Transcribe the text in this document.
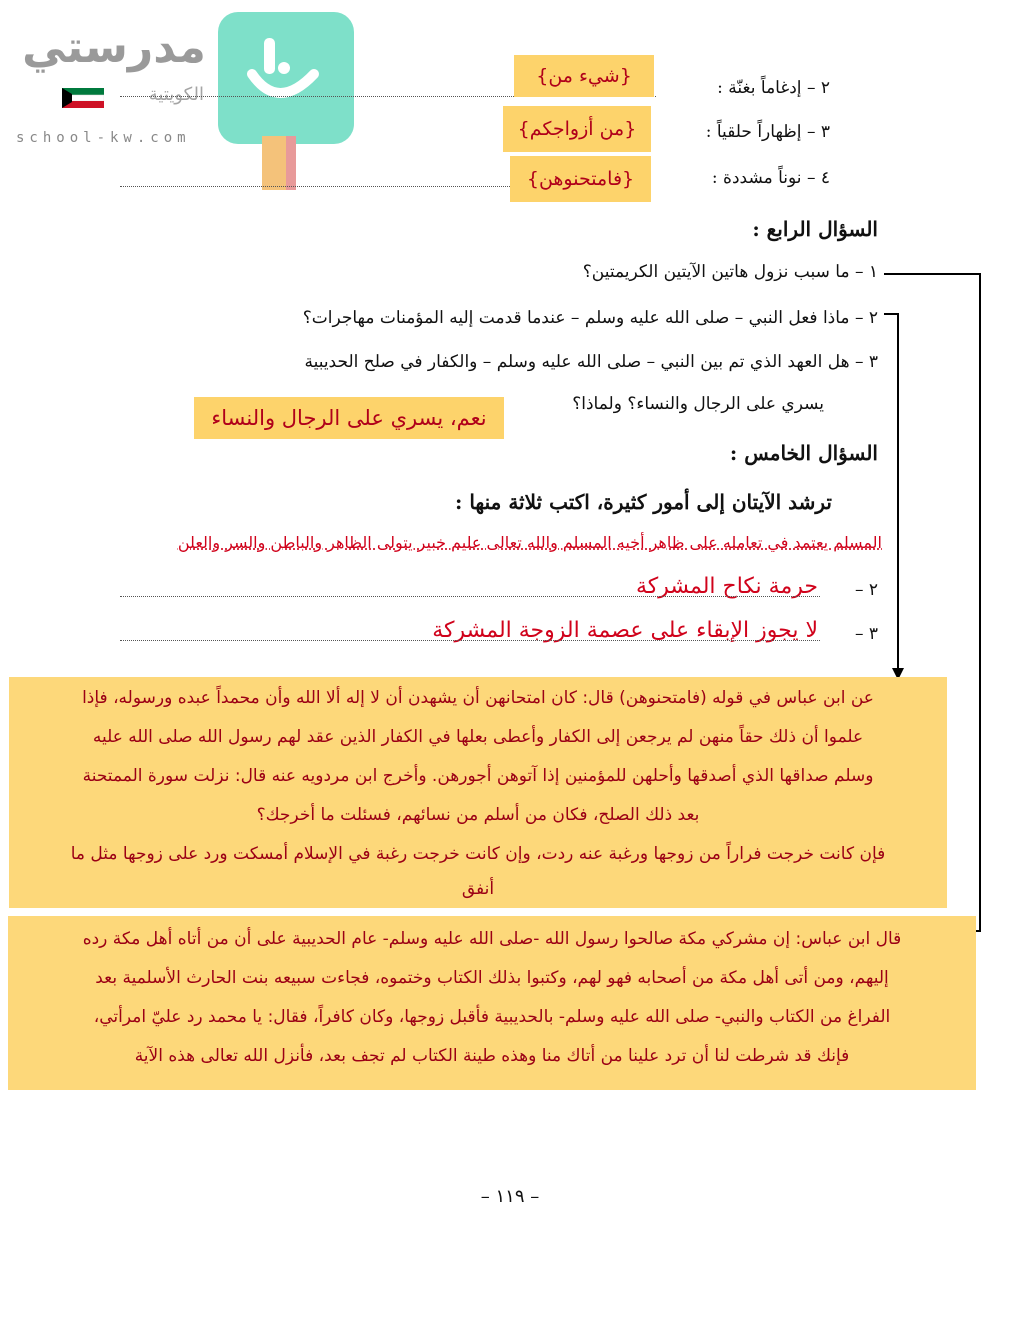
مدرستي
الكويتية
school-kw.com
٢ – إدغاماً بغنّة :
{شيء من}
٣ – إظهاراً حلقياً :
{من أزواجكم}
٤ – نوناً مشددة :
{فامتحنوهن}
السؤال الرابع :
١ – ما سبب نزول هاتين الآيتين الكريمتين؟
٢ – ماذا فعل النبي – صلى الله عليه وسلم – عندما قدمت إليه المؤمنات مهاجرات؟
٣ – هل العهد الذي تم بين النبي – صلى الله عليه وسلم – والكفار في صلح الحديبية
يسري على الرجال والنساء؟ ولماذا؟
نعم، يسري على الرجال والنساء
السؤال الخامس :
ترشد الآيتان إلى أمور كثيرة، اكتب ثلاثة منها :
المسلم يعتمد في تعامله على ظاهر أخيه المسلم والله تعالى عليم خبير يتولى الظاهر والباطن والسر والعلن
٢ –
حرمة نكاح المشركة
٣ –
لا يجوز الإبقاء على عصمة الزوجة المشركة

عن ابن عباس في قوله (فامتحنوهن) قال: كان امتحانهن أن يشهدن أن لا إله ألا الله وأن محمداً عبده ورسوله، فإذا

علموا أن ذلك حقاً منهن لم يرجعن إلى الكفار وأعطى بعلها في الكفار الذين عقد لهم رسول الله صلى الله عليه

وسلم صداقها الذي أصدقها وأحلهن للمؤمنين إذا آتوهن أجورهن. وأخرج ابن مردويه عنه قال: نزلت سورة الممتحنة

بعد ذلك الصلح، فكان من أسلم من نسائهم، فسئلت ما أخرجك؟

فإن كانت خرجت فراراً من زوجها ورغبة عنه ردت، وإن كانت خرجت رغبة في الإسلام أمسكت ورد على زوجها مثل ما

أنفق

قال ابن عباس: إن مشركي مكة صالحوا رسول الله -صلى الله عليه وسلم- عام الحديبية على أن من أتاه أهل مكة رده

إليهم، ومن أتى أهل مكة من أصحابه فهو لهم، وكتبوا بذلك الكتاب وختموه، فجاءت سبيعه بنت الحارث الأسلمية بعد

الفراغ من الكتاب والنبي- صلى الله عليه وسلم- بالحديبية فأقبل زوجها، وكان كافراً، فقال: يا محمد رد عليّ امرأتي،

فإنك قد شرطت لنا أن ترد علينا من أتاك منا وهذه طينة الكتاب لم تجف بعد، فأنزل الله تعالى هذه الآية

– ١١٩ –
